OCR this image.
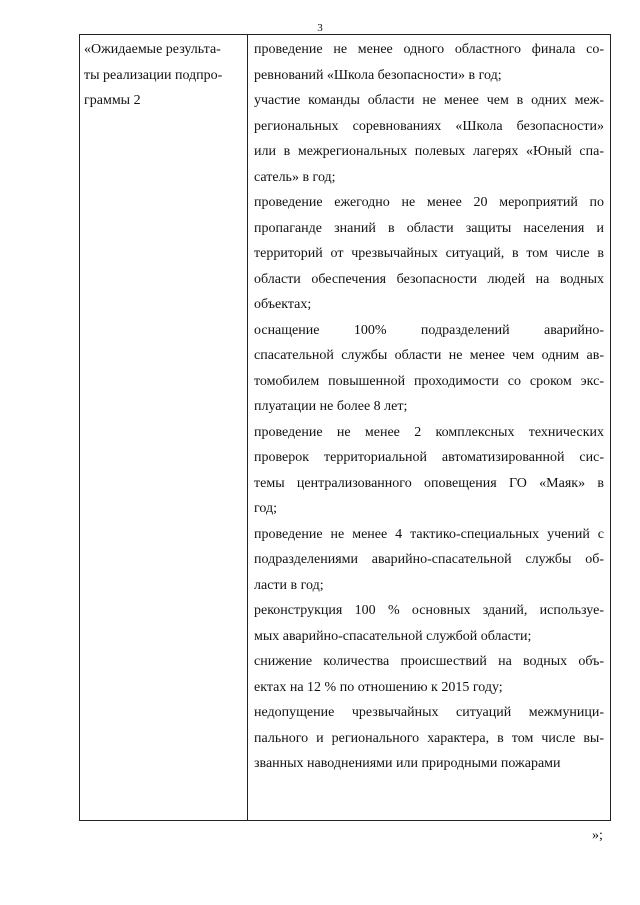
3
«Ожидаемые результа-
ты реализации подпро-
граммы 2

проведение не менее одного областного финала со-
ревнований «Школа безопасности» в год;
участие команды области не менее чем в одних меж-
региональных соревнованиях «Школа безопасности»
или в межрегиональных полевых лагерях «Юный спа-
сатель» в год;
проведение ежегодно не менее 20 мероприятий по
пропаганде знаний в области защиты населения и
территорий от чрезвычайных ситуаций, в том числе в
области обеспечения безопасности людей на водных
объектах;
оснащение 100% подразделений аварийно-
спасательной службы области не менее чем одним ав-
томобилем повышенной проходимости со сроком экс-
плуатации не более 8 лет;
проведение не менее 2 комплексных технических
проверок территориальной автоматизированной сис-
темы централизованного оповещения ГО «Маяк» в
год;
проведение не менее 4 тактико-специальных учений с
подразделениями аварийно-спасательной службы об-
ласти в год;
реконструкция 100 % основных зданий, используе-
мых аварийно-спасательной службой области;
снижение количества происшествий на водных объ-
ектах на 12 % по отношению к 2015 году;
недопущение чрезвычайных ситуаций межмуници-
пального и регионального характера, в том числе вы-
званных наводнениями или природными пожарами
»;
